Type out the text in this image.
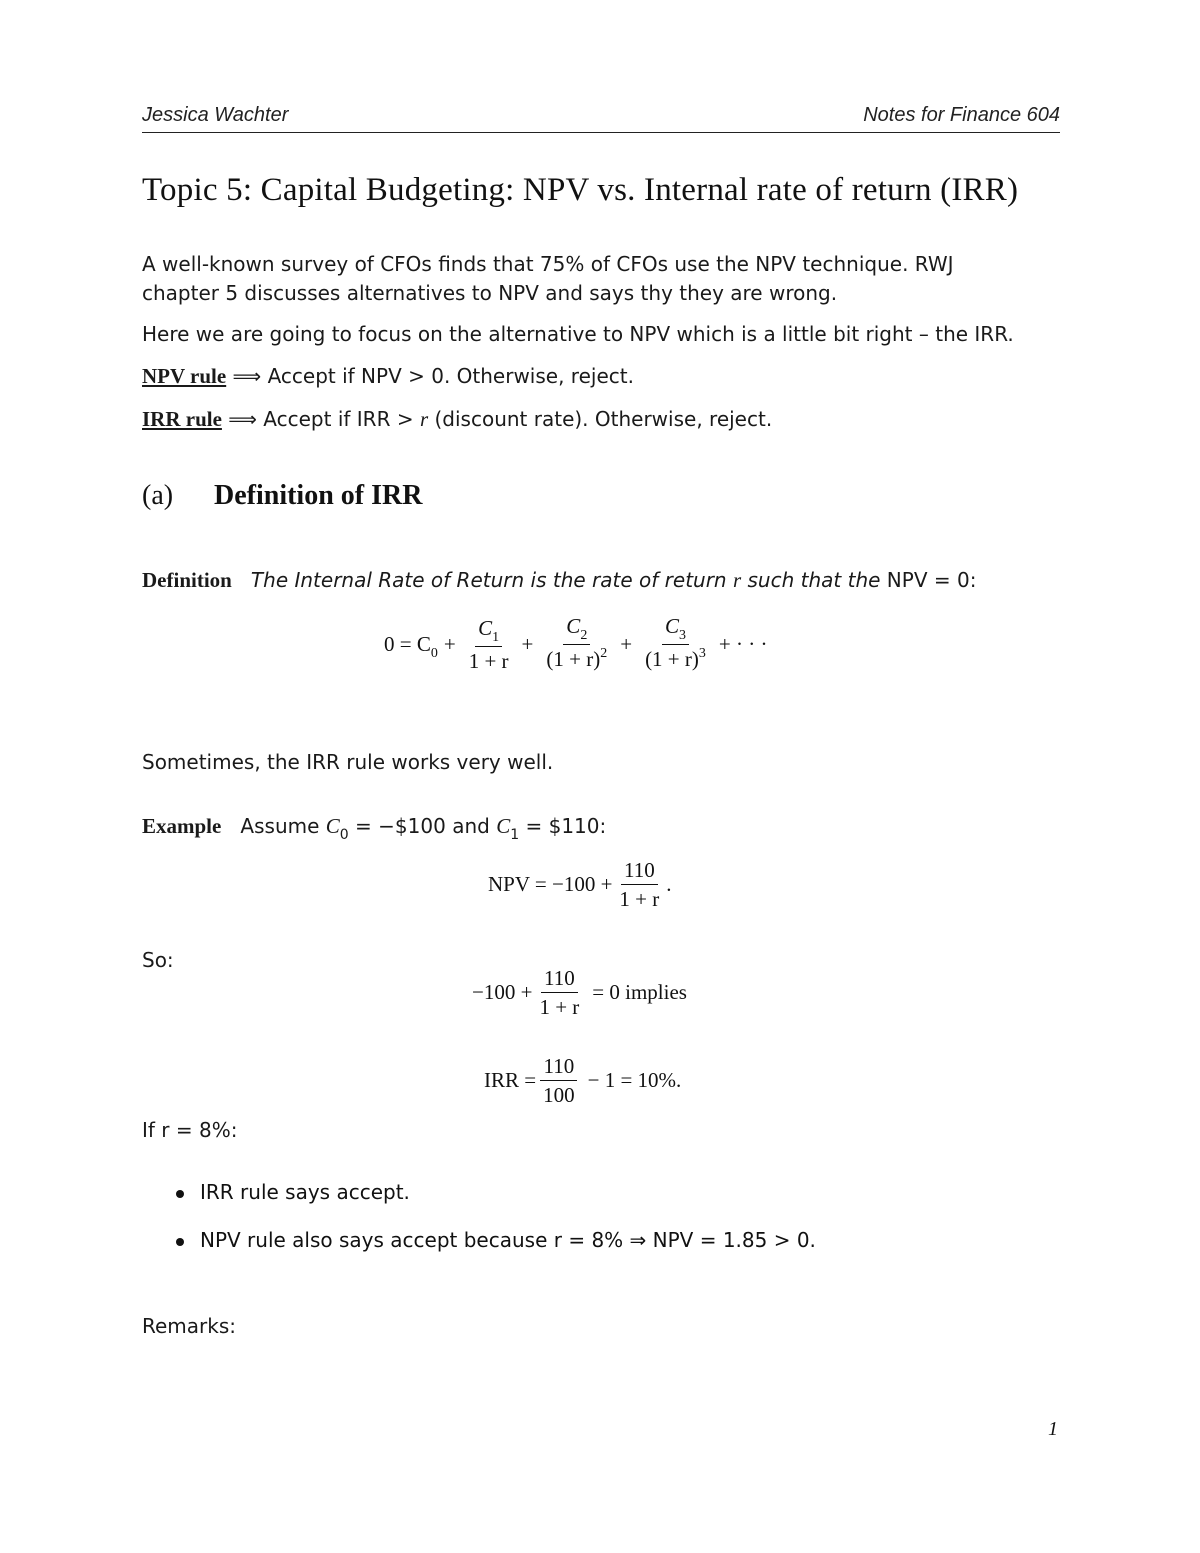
Jessica Wachter	Notes for Finance 604
Topic 5: Capital Budgeting: NPV vs. Internal rate of return (IRR)

A well-known survey of CFOs finds that 75% of CFOs use the NPV technique. RWJ
chapter 5 discusses alternatives to NPV and says thy they are wrong.

Here we are going to focus on the alternative to NPV which is a little bit right – the IRR.

NPV rule ⟹ Accept if NPV > 0. Otherwise, reject.

IRR rule ⟹ Accept if IRR > r (discount rate). Otherwise, reject.

(a) Definition of IRR

Definition The Internal Rate of Return is the rate of return r such that the NPV = 0:

$0 = C_0 + \frac{C_1}{1 + r} + \frac{C_2}{(1 + r)^2} + \frac{C_3}{(1 + r)^3}$ + · · ·

Sometimes, the IRR rule works very well.

Example Assume $C_0$ = −$100 and $C_1$ = $110:

NPV = $-100 + \frac{110}{1 + r}$ .

So:

$-100 + \frac{110}{1 + r} = 0$ implies
IRR = $\frac{110}{100} - 1 = 10\%$.

If r = 8%:

IRR rule says accept.
NPV rule also says accept because r = 8% ⇒ NPV = 1.85 > 0.

Remarks:

1
